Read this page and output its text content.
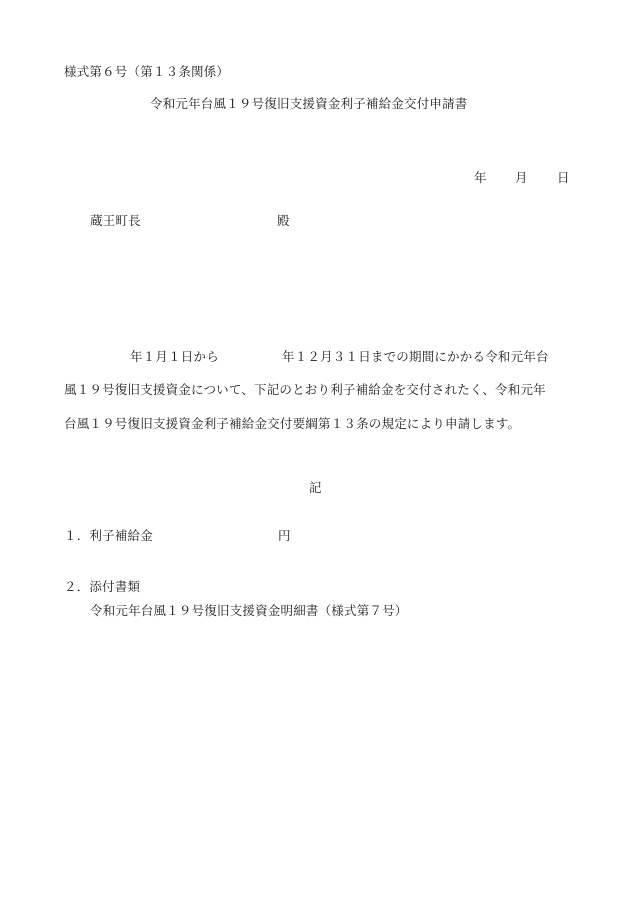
様式第６号（第１３条関係）
令和元年台風１９号復旧支援資金利子補給金交付申請書
年 月 日
蔵王町長	殿
年１月１日から	年１２月３１日までの期間にかかる令和元年台
風１９号復旧支援資金について、下記のとおり利子補給金を交付されたく、令和元年
台風１９号復旧支援資金利子補給金交付要綱第１３条の規定により申請します。
記
１．利子補給金	円
２．添付書類
令和元年台風１９号復旧支援資金明細書（様式第７号）
